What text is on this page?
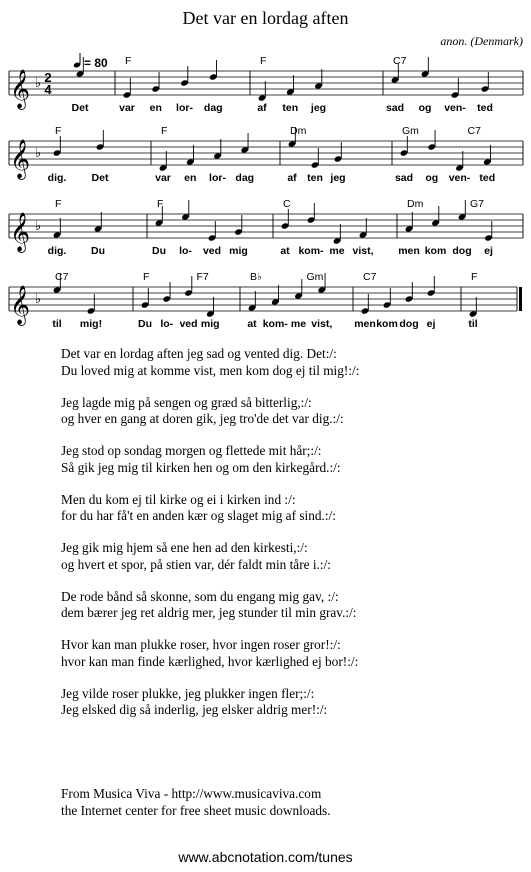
Det var en lordag aften
anon. (Denmark)
𝄞 ♭ 2
4
= 80
Det	var en lor- dag	af ten jeg	sad og ven- ted
F	F	C7
𝄞 ♭
dig. Det	var en lor- dag	af ten jeg	sad og ven- ted
F	F	Dm	Gm	C7
𝄞 ♭
dig. Du	Du lo- ved mig	at kom- me vist, men kom dog ej
F	F	C	Dm	G7
𝄞 ♭
til mig!	Du lo- ved mig	at kom- me vist, men kom dog ej	til
C7	F	F7	B♭	Gm	C7	F
Det var en lordag aften jeg sad og vented dig. Det:/:
Du loved mig at komme vist, men kom dog ej til mig!:/:
Jeg lagde mig på sengen og græd så bitterlig,:/:
og hver en gang at doren gik, jeg tro'de det var dig.:/:
Jeg stod op sondag morgen og flettede mit hår;:/:
Så gik jeg mig til kirken hen og om den kirkegård.:/:
Men du kom ej til kirke og ei i kirken ind :/:
for du har få't en anden kær og slaget mig af sind.:/:
Jeg gik mig hjem så ene hen ad den kirkesti,:/:
og hvert et spor, på stien var, dér faldt min tåre i.:/:
De rode bånd så skonne, som du engang mig gav, :/:
dem bærer jeg ret aldrig mer, jeg stunder til min grav.:/:
Hvor kan man plukke roser, hvor ingen roser gror!:/:
hvor kan man finde kærlighed, hvor kærlighed ej bor!:/:
Jeg vilde roser plukke, jeg plukker ingen fler;:/:
Jeg elsked dig så inderlig, jeg elsker aldrig mer!:/:
From Musica Viva - http://www.musicaviva.com
the Internet center for free sheet music downloads.
www.abcnotation.com/tunes
